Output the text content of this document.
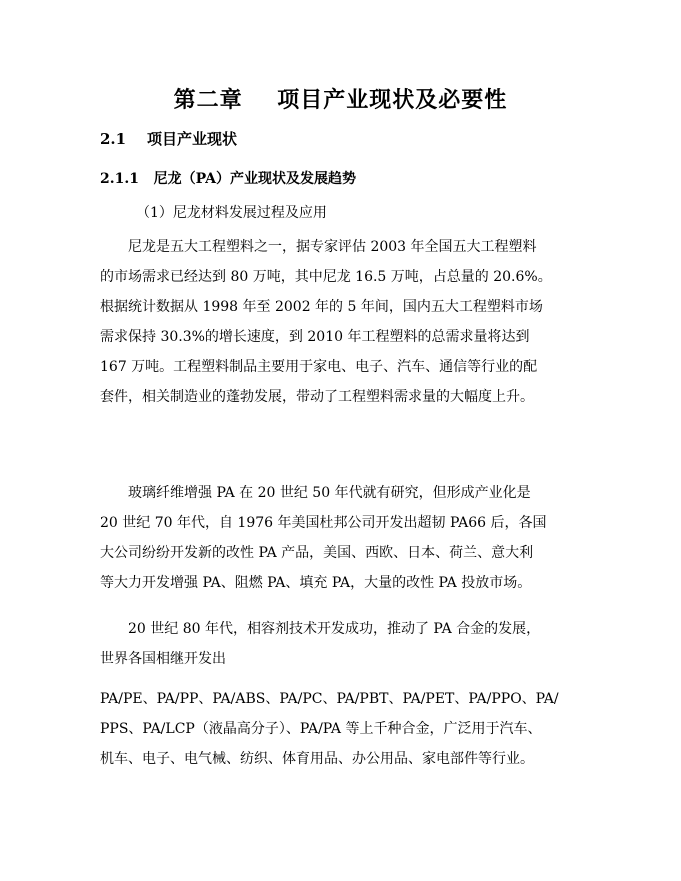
第二章    项目产业现状及必要性
2.1    项目产业现状
2.1.1   尼龙（PA）产业现状及发展趋势

（1）尼龙材料发展过程及应用

尼龙是五大工程塑料之一，据专家评估 2003 年全国五大工程塑料
的市场需求已经达到 80 万吨，其中尼龙 16.5 万吨，占总量的 20.6%。
根据统计数据从 1998 年至 2002 年的 5 年间，国内五大工程塑料市场
需求保持 30.3%的增长速度，到 2010 年工程塑料的总需求量将达到
167 万吨。工程塑料制品主要用于家电、电子、汽车、通信等行业的配
套件，相关制造业的蓬勃发展，带动了工程塑料需求量的大幅度上升。
玻璃纤维增强 PA 在 20 世纪 50 年代就有研究，但形成产业化是
20 世纪 70 年代，自 1976 年美国杜邦公司开发出超韧 PA66 后，各国
大公司纷纷开发新的改性 PA 产品，美国、西欧、日本、荷兰、意大利
等大力开发增强 PA、阻燃 PA、填充 PA，大量的改性 PA 投放市场。
20 世纪 80 年代，相容剂技术开发成功，推动了 PA 合金的发展，
世界各国相继开发出
PA/PE、PA/PP、PA/ABS、PA/PC、PA/PBT、PA/PET、PA/PPO、PA/
PPS、PA/LCP（液晶高分子）、PA/PA 等上千种合金，广泛用于汽车、
机车、电子、电气械、纺织、体育用品、办公用品、家电部件等行业。
